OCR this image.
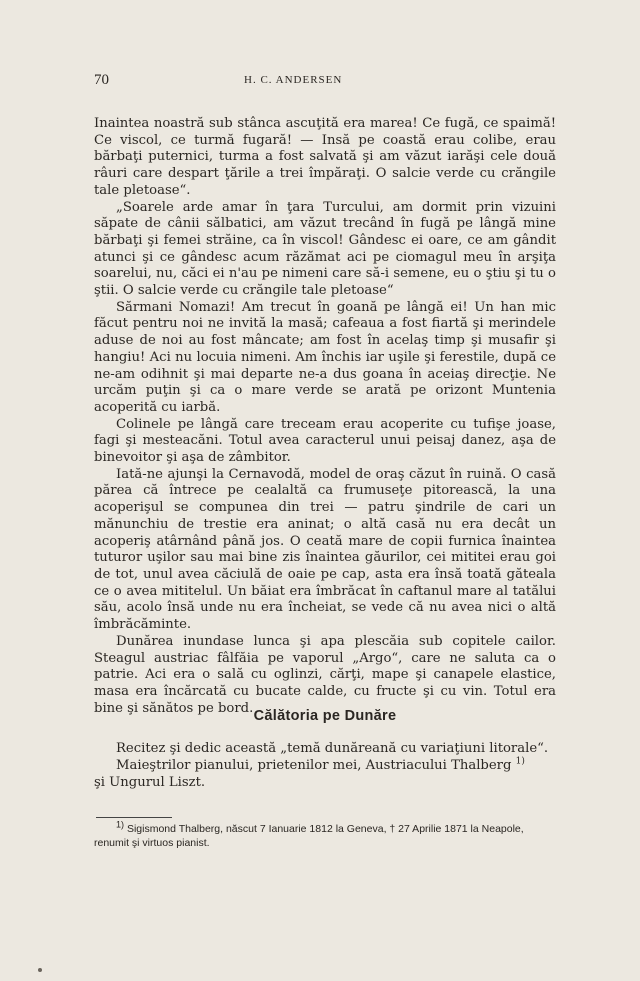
70	H. C. ANDERSEN

Inaintea noastră sub stânca ascuţită era marea! Ce fugă, ce spaimă! Ce viscol, ce turmă fugară! — Insă pe coastă erau colibe, erau bărbaţi puternici, turma a fost salvată şi am văzut iarăşi cele două râuri care despart ţările a trei împăraţi. O salcie verde cu crăngile tale pletoase“.

„Soarele arde amar în ţara Turcului, am dormit prin vizuini săpate de cânii sălbatici, am văzut trecând în fugă pe lângă mine bărbaţi şi femei străine, ca în viscol! Gândesc ei oare, ce am gândit atunci şi ce gândesc acum răzămat aci pe ciomagul meu în arşiţa soarelui, nu, căci ei n'au pe nimeni care să-i semene, eu o ştiu şi tu o ştii. O salcie verde cu crăngile tale pletoase“

Sărmani Nomazi! Am trecut în goană pe lângă ei! Un han mic făcut pentru noi ne invită la masă; cafeaua a fost fiartă şi merindele aduse de noi au fost mâncate; am fost în acelaş timp şi musafir şi hangiu! Aci nu locuia nimeni. Am închis iar uşile şi ferestile, după ce ne-am odihnit şi mai departe ne-a dus goana în aceiaş direcţie. Ne urcăm puţin şi ca o mare verde se arată pe orizont Muntenia acoperită cu iarbă.

Colinele pe lângă care treceam erau acoperite cu tufişe joase, fagi şi mesteacăni. Totul avea caracterul unui peisaj danez, aşa de binevoitor şi aşa de zâmbitor.

Iată-ne ajunşi la Cernavodă, model de oraş căzut în ruină. O casă părea că întrece pe cealaltă ca frumuseţe pitorească, la una acoperişul se compunea din trei — patru şindrile de cari un mănunchiu de trestie era aninat; o altă casă nu era decât un acoperiş atârnând până jos. O ceată mare de copii furnica înaintea tuturor uşilor sau mai bine zis înaintea găurilor, cei mititei erau goi de tot, unul avea căciulă de oaie pe cap, asta era însă toată găteala ce o avea mititelul. Un băiat era îmbrăcat în caftanul mare al tatălui său, acolo însă unde nu era încheiat, se vede că nu avea nici o altă îmbrăcăminte.

Dunărea inundase lunca şi apa plescăia sub copitele cailor. Steagul austriac fâlfăia pe vaporul „Argo“, care ne saluta ca o patrie. Aci era o sală cu oglinzi, cărţi, mape şi canapele elastice, masa era încărcată cu bucate calde, cu fructe şi cu vin. Totul era bine şi sănătos pe bord. Călătoria pe Dunăre

Recitez şi dedic această „temă dunăreană cu variaţiuni litorale“.

Maieştrilor pianului, prietenilor mei, Austriacului Thalberg $^{1)}$

şi Ungurul Liszt.

1) Sigismond Thalberg, născut 7 Ianuarie 1812 la Geneva, † 27 Aprilie 1871 la Neapole, renumit şi virtuos pianist.
